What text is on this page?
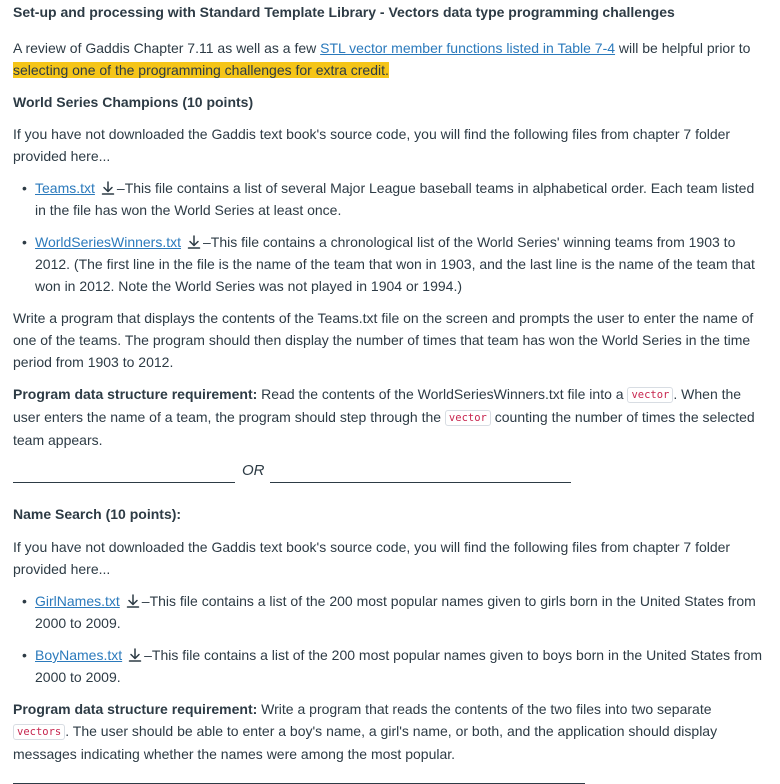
Set-up and processing with Standard Template Library - Vectors data type programming challenges

A review of Gaddis Chapter 7.11 as well as a few STL vector member functions listed in Table 7-4 will be helpful prior to selecting one of the programming challenges for extra credit.

World Series Champions (10 points)

If you have not downloaded the Gaddis text book's source code, you will find the following files from chapter 7 folder provided here...

• Teams.txt –This file contains a list of several Major League baseball teams in alphabetical order. Each team listed in the file has won the World Series at least once.
• WorldSeriesWinners.txt –This file contains a chronological list of the World Series' winning teams from 1903 to 2012. (The first line in the file is the name of the team that won in 1903, and the last line is the name of the team that won in 2012. Note the World Series was not played in 1904 or 1994.)

Write a program that displays the contents of the Teams.txt file on the screen and prompts the user to enter the name of one of the teams. The program should then display the number of times that team has won the World Series in the time period from 1903 to 2012.

Program data structure requirement: Read the contents of the WorldSeriesWinners.txt file into a vector . When the user enters the name of a team, the program should step through the vector counting the number of times the selected team appears.

OR

Name Search (10 points):

If you have not downloaded the Gaddis text book's source code, you will find the following files from chapter 7 folder provided here...

• GirlNames.txt –This file contains a list of the 200 most popular names given to girls born in the United States from 2000 to 2009.
• BoyNames.txt –This file contains a list of the 200 most popular names given to boys born in the United States from 2000 to 2009.

Program data structure requirement: Write a program that reads the contents of the two files into two separate vectors . The user should be able to enter a boy's name, a girl's name, or both, and the application should display messages indicating whether the names were among the most popular.
